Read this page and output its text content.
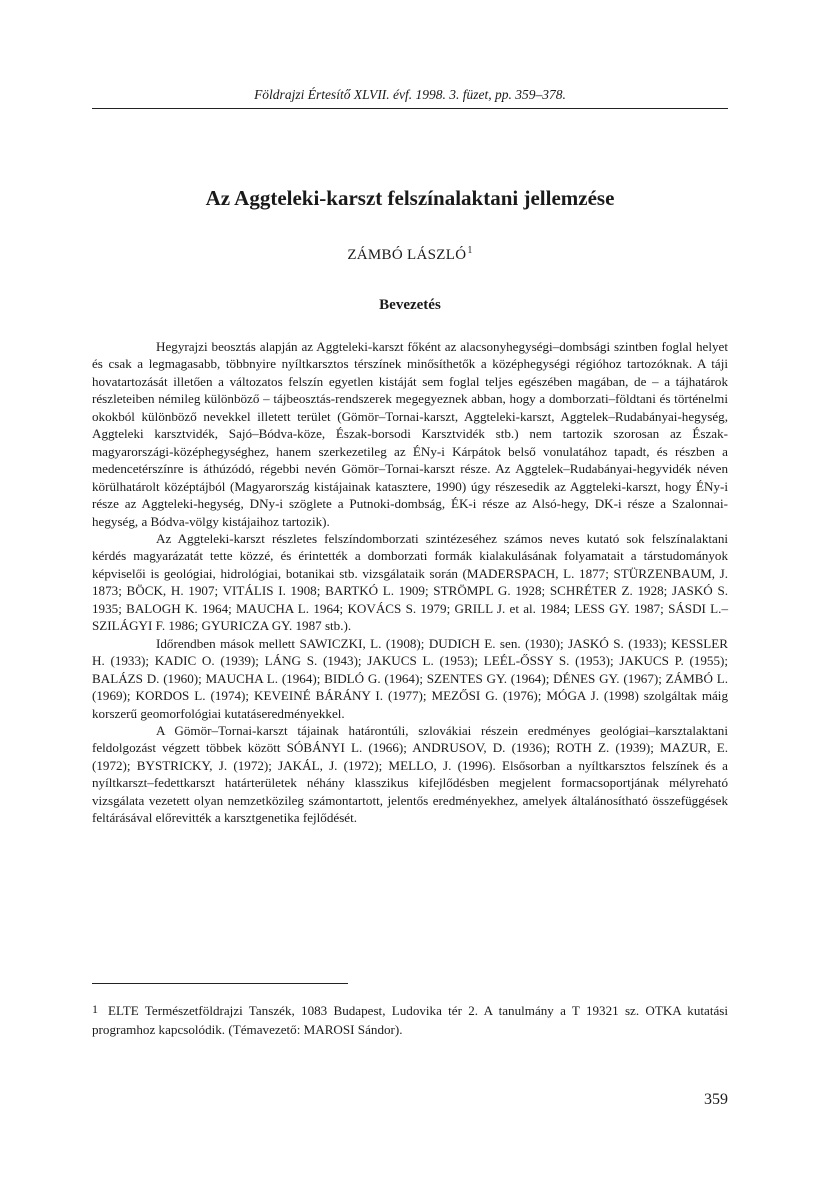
Földrajzi Értesítő XLVII. évf. 1998. 3. füzet, pp. 359–378.
Az Aggteleki-karszt felszínalaktani jellemzése
ZÁMBÓ LÁSZLÓ$^1$
Bevezetés

Hegyrajzi beosztás alapján az Aggteleki-karszt főként az alacsonyhegységi–dombsági szintben foglal helyet és csak a legmagasabb, többnyire nyíltkarsztos térszínek minősíthetők a középhegységi régióhoz tartozóknak. A táji hovatartozását illetően a változatos felszín egyetlen kistáját sem foglal teljes egészében magában, de – a tájhatárok részleteiben némileg különböző – tájbeosztás-rendszerek megegyeznek abban, hogy a domborzati–földtani és történelmi okokból különböző nevekkel illetett terület (Gömör–Tornai-karszt, Aggteleki-karszt, Aggtelek–Rudabányai-hegység, Aggteleki karsztvidék, Sajó–Bódva-köze, Észak-borsodi Karsztvidék stb.) nem tartozik szorosan az Észak-magyarországi-középhegységhez, hanem szerkezetileg az ÉNy-i Kárpátok belső vonulatához tapadt, és részben a medencetérszínre is áthúzódó, régebbi nevén Gömör–Tornai-karszt része. Az Aggtelek–Rudabányai-hegyvidék néven körülhatárolt középtájból (Magyarország kistájainak katasztere, 1990) úgy részesedik az Aggteleki-karszt, hogy ÉNy-i része az Aggteleki-hegység, DNy-i szöglete a Putnoki-dombság, ÉK-i része az Alsó-hegy, DK-i része a Szalonnai-hegység, a Bódva-völgy kistájaihoz tartozik).

Az Aggteleki-karszt részletes felszíndomborzati szintézeséhez számos neves kutató sok felszínalaktani kérdés magyarázatát tette közzé, és érintették a domborzati formák kialakulásának folyamatait a társtudományok képviselői is geológiai, hidrológiai, botanikai stb. vizsgálataik során (MADERSPACH, L. 1877; STÜRZENBAUM, J. 1873; BÖCK, H. 1907; VITÁLIS I. 1908; BARTKÓ L. 1909; STRÖMPL G. 1928; SCHRÉTER Z. 1928; JASKÓ S. 1935; BALOGH K. 1964; MAUCHA L. 1964; KOVÁCS S. 1979; GRILL J. et al. 1984; LESS GY. 1987; SÁSDI L.–SZILÁGYI F. 1986; GYURICZA GY. 1987 stb.).

Időrendben mások mellett SAWICZKI, L. (1908); DUDICH E. sen. (1930); JASKÓ S. (1933); KESSLER H. (1933); KADIC O. (1939); LÁNG S. (1943); JAKUCS L. (1953); LEÉL-ŐSSY S. (1953); JAKUCS P. (1955); BALÁZS D. (1960); MAUCHA L. (1964); BIDLÓ G. (1964); SZENTES GY. (1964); DÉNES GY. (1967); ZÁMBÓ L. (1969); KORDOS L. (1974); KEVEINÉ BÁRÁNY I. (1977); MEZŐSI G. (1976); MÓGA J. (1998) szolgáltak máig korszerű geomorfológiai kutatáseredményekkel.

A Gömör–Tornai-karszt tájainak határontúli, szlovákiai részein eredményes geológiai–karsztalaktani feldolgozást végzett többek között SÓBÁNYI L. (1966); ANDRUSOV, D. (1936); ROTH Z. (1939); MAZUR, E. (1972); BYSTRICKY, J. (1972); JAKÁL, J. (1972); MELLO, J. (1996). Elsősorban a nyíltkarsztos felszínek és a nyíltkarszt–fedettkarszt határterületek néhány klasszikus kifejlődésben megjelent formacsoportjának mélyreható vizsgálata vezetett olyan nemzetközileg számontartott, jelentős eredményekhez, amelyek általánosítható összefüggések feltárásával előrevitték a karsztgenetika fejlődését.

1 ELTE Természetföldrajzi Tanszék, 1083 Budapest, Ludovika tér 2. A tanulmány a T 19321 sz. OTKA kutatási programhoz kapcsolódik. (Témavezető: MAROSI Sándor).
359
